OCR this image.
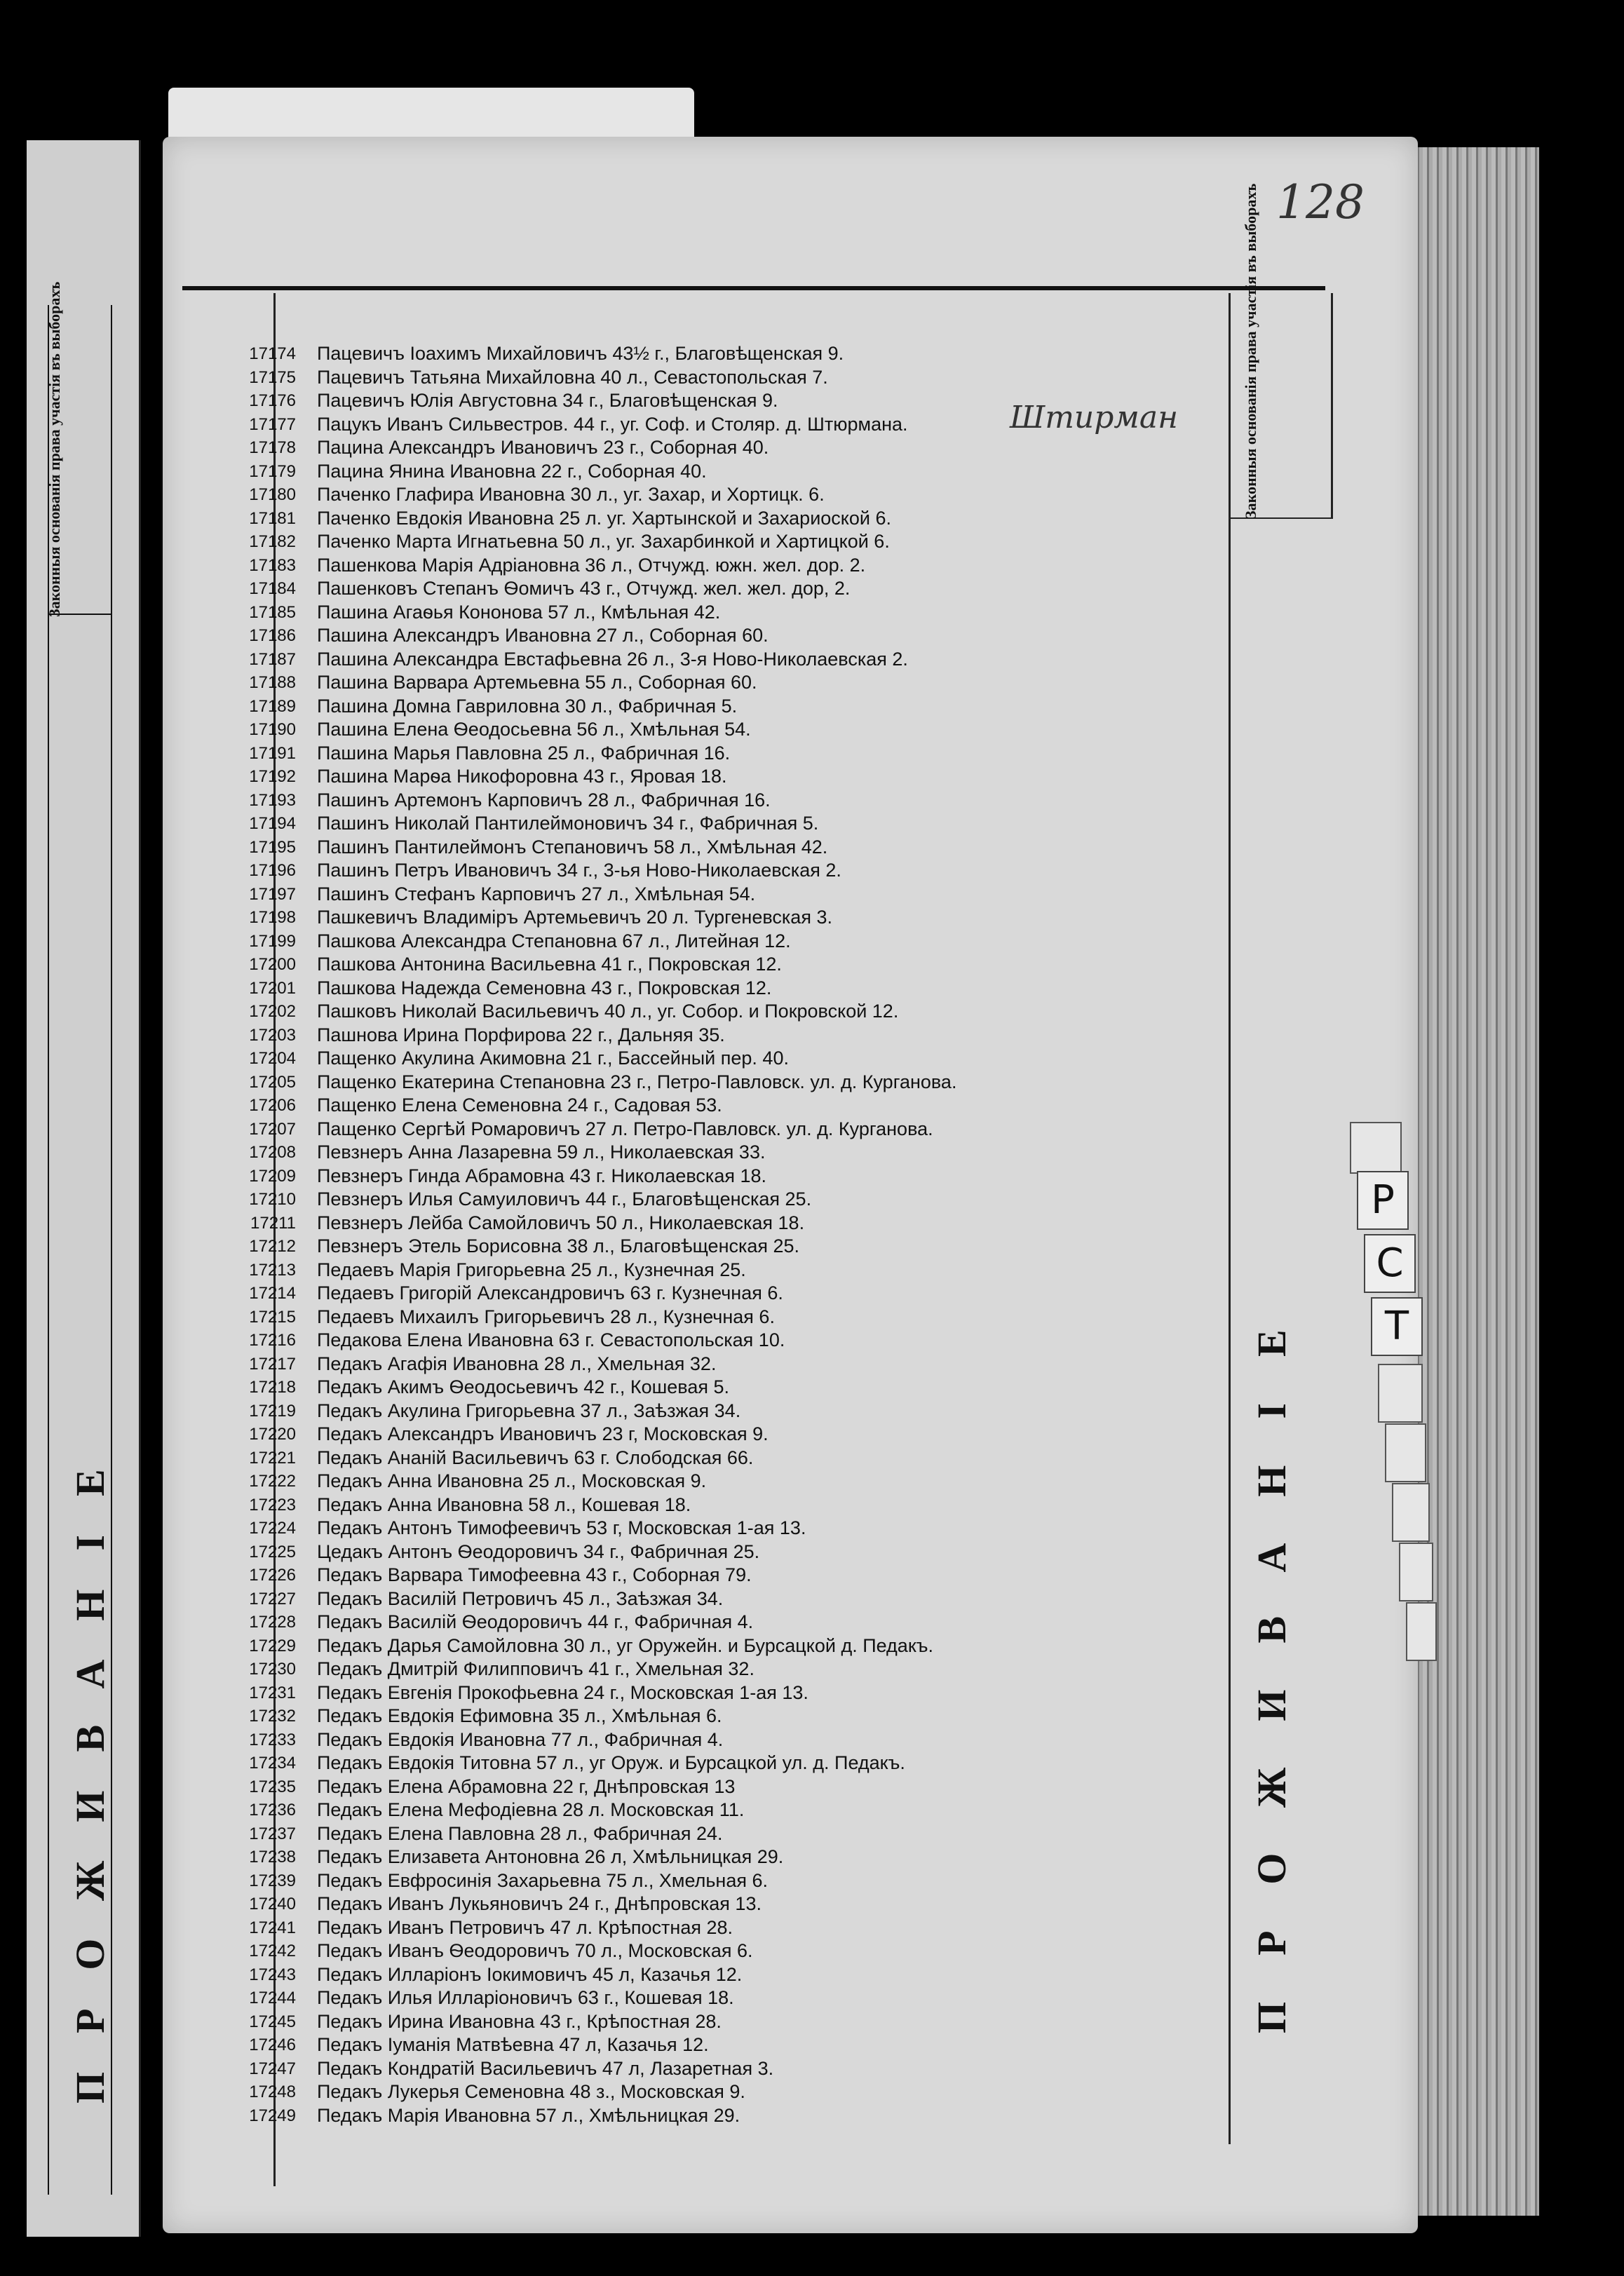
Законныя основанія права участія въ выборахъ
ПРОЖИВАНІЕ
128
Законныя основанія права участія въ выборахъ
ПРОЖИВАНІЕ
Р
С
Т
Штирман
17174	Пацевичъ Іоахимъ Михайловичъ 43½ г., Благовѣщенская 9.
17175	Пацевичъ Татьяна Михайловна 40 л., Севастопольская 7.
17176	Пацевичъ Юлія Августовна 34 г., Благовѣщенская 9.
17177	Пацукъ Иванъ Сильвестров. 44 г., уг. Соф. и Столяр. д. Штюрмана.
17178	Пацина Александръ Ивановичъ 23 г., Соборная 40.
17179	Пацина Янина Ивановна 22 г., Соборная 40.
17180	Паченко Глафира Ивановна 30 л., уг. Захар, и Хортицк. 6.
17181	Паченко Евдокія Ивановна 25 л. уг. Хартынской и Захариоской 6.
17182	Паченко Марта Игнатьевна 50 л., уг. Захарбинкой и Хартицкой 6.
17183	Пашенкова Марія Адріановна 36 л., Отчужд. южн. жел. дор. 2.
17184	Пашенковъ Степанъ Ѳомичъ 43 г., Отчужд. жел. жел. дор, 2.
17185	Пашина Агаѳья Кононова 57 л., Кмѣльная 42.
17186	Пашина Александръ Ивановна 27 л., Соборная 60.
17187	Пашина Александра Евстафьевна 26 л., 3-я Ново-Николаевская 2.
17188	Пашина Варвара Артемьевна 55 л., Соборная 60.
17189	Пашина Домна Гавриловна 30 л., Фабричная 5.
17190	Пашина Елена Ѳеодосьевна 56 л., Хмѣльная 54.
17191	Пашина Марья Павловна 25 л., Фабричная 16.
17192	Пашина Марѳа Никофоровна 43 г., Яровая 18.
17193	Пашинъ Артемонъ Карповичъ 28 л., Фабричная 16.
17194	Пашинъ Николай Пантилеймоновичъ 34 г., Фабричная 5.
17195	Пашинъ Пантилеймонъ Степановичъ 58 л., Хмѣльная 42.
17196	Пашинъ Петръ Ивановичъ 34 г., 3-ья Ново-Николаевская 2.
17197	Пашинъ Стефанъ Карповичъ 27 л., Хмѣльная 54.
17198	Пашкевичъ Владиміръ Артемьевичъ 20 л. Тургеневская 3.
17199	Пашкова Александра Степановна 67 л., Литейная 12.
17200	Пашкова Антонина Васильевна 41 г., Покровская 12.
17201	Пашкова Надежда Семеновна 43 г., Покровская 12.
17202	Пашковъ Николай Васильевичъ 40 л., уг. Собор. и Покровской 12.
17203	Пашнова Ирина Порфирова 22 г., Дальняя 35.
17204	Пащенко Акулина Акимовна 21 г., Бассейный пер. 40.
17205	Пащенко Екатерина Степановна 23 г., Петро-Павловск. ул. д. Курганова.
17206	Пащенко Елена Семеновна 24 г., Садовая 53.
17207	Пащенко Сергѣй Ромаровичъ 27 л. Петро-Павловск. ул. д. Курганова.
17208	Певзнеръ Анна Лазаревна 59 л., Николаевская 33.
17209	Певзнеръ Гинда Абрамовна 43 г. Николаевская 18.
17210	Певзнеръ Илья Самуиловичъ 44 г., Благовѣщенская 25.
17211	Певзнеръ Лейба Самойловичъ 50 л., Николаевская 18.
17212	Певзнеръ Этель Борисовна 38 л., Благовѣщенская 25.
17213	Педаевъ Марія Григорьевна 25 л., Кузнечная 25.
17214	Педаевъ Григорій Александровичъ 63 г. Кузнечная 6.
17215	Педаевъ Михаилъ Григорьевичъ 28 л., Кузнечная 6.
17216	Педакова Елена Ивановна 63 г. Севастопольская 10.
17217	Педакъ Агафія Ивановна 28 л., Хмельная 32.
17218	Педакъ Акимъ Ѳеодосьевичъ 42 г., Кошевая 5.
17219	Педакъ Акулина Григорьевна 37 л., Заѣзжая 34.
17220	Педакъ Александръ Ивановичъ 23 г, Московская 9.
17221	Педакъ Ананій Васильевичъ 63 г. Слободская 66.
17222	Педакъ Анна Ивановна 25 л., Московская 9.
17223	Педакъ Анна Ивановна 58 л., Кошевая 18.
17224	Педакъ Антонъ Тимофеевичъ 53 г, Московская 1-ая 13.
17225	Цедакъ Антонъ Ѳеодоровичъ 34 г., Фабричная 25.
17226	Педакъ Варвара Тимофеевна 43 г., Соборная 79.
17227	Педакъ Василій Петровичъ 45 л., Заѣзжая 34.
17228	Педакъ Василій Ѳеодоровичъ 44 г., Фабричная 4.
17229	Педакъ Дарья Самойловна 30 л., уг Оружейн. и Бурсацкой д. Педакъ.
17230	Педакъ Дмитрій Филипповичъ 41 г., Хмельная 32.
17231	Педакъ Евгенія Прокофьевна 24 г., Московская 1-ая 13.
17232	Педакъ Евдокія Ефимовна 35 л., Хмѣльная 6.
17233	Педакъ Евдокія Ивановна 77 л., Фабричная 4.
17234	Педакъ Евдокія Титовна 57 л., уг Оруж. и Бурсацкой ул. д. Педакъ.
17235	Педакъ Елена Абрамовна 22 г, Днѣпровская 13
17236	Педакъ Елена Мефодіевна 28 л. Московская 11.
17237	Педакъ Елена Павловна 28 л., Фабричная 24.
17238	Педакъ Елизавета Антоновна 26 л, Хмѣльницкая 29.
17239	Педакъ Евфросинія Захарьевна 75 л., Хмельная 6.
17240	Педакъ Иванъ Лукьяновичъ 24 г., Днѣпровская 13.
17241	Педакъ Иванъ Петровичъ 47 л. Крѣпостная 28.
17242	Педакъ Иванъ Ѳеодоровичъ 70 л., Московская 6.
17243	Педакъ Илларіонъ Іокимовичъ 45 л, Казачья 12.
17244	Педакъ Илья Илларіоновичъ 63 г., Кошевая 18.
17245	Педакъ Ирина Ивановна 43 г., Крѣпостная 28.
17246	Педакъ Іуманія Матвѣевна 47 л, Казачья 12.
17247	Педакъ Кондратій Васильевичъ 47 л, Лазаретная 3.
17248	Педакъ Лукерья Семеновна 48 з., Московская 9.
17249	Педакъ Марія Ивановна 57 л., Хмѣльницкая 29.
